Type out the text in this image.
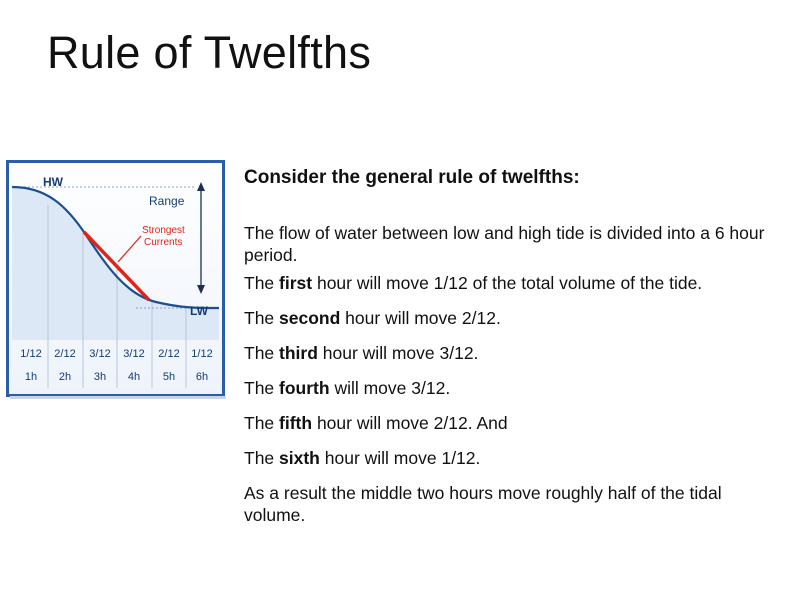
Rule of Twelfths
HW
LW
Range
Strongest
Currents
1/12 2/12 3/12 3/12 2/12 1/12
1h 2h 3h 4h 5h 6h

Consider the general rule of twelfths:

The flow of water between low and high tide is divided into a 6 hour period.

The first hour will move 1/12 of the total volume of the tide.

The second hour will move 2/12.

The third hour will move 3/12.

The fourth will move 3/12.

The fifth hour will move 2/12. And

The sixth hour will move 1/12.

As a result the middle two hours move roughly half of the tidal volume.
